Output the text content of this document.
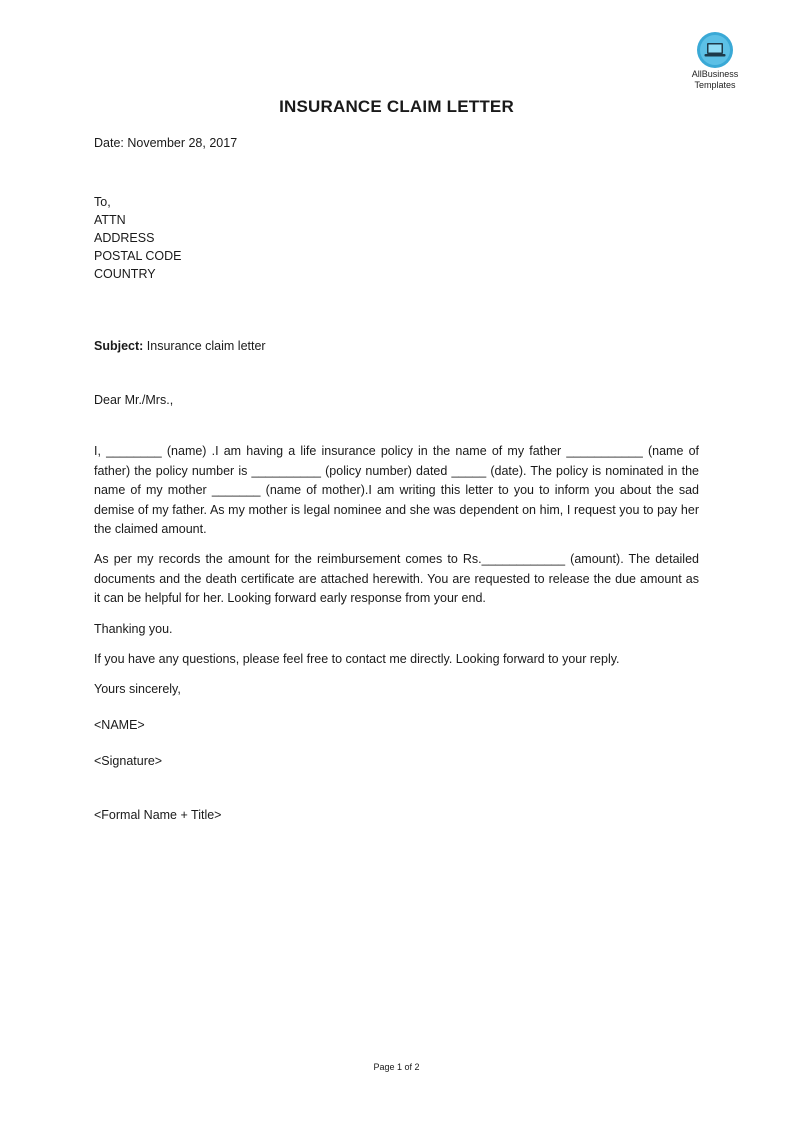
AllBusiness
Templates
INSURANCE CLAIM LETTER
Date: November 28, 2017
To,
ATTN
ADDRESS
POSTAL CODE
COUNTRY
Subject: Insurance claim letter
Dear Mr./Mrs.,
I, ________ (name) .I am having a life insurance policy in the name of my father ___________ (name of father) the policy number is __________ (policy number) dated _____ (date). The policy is nominated in the name of my mother _______ (name of mother).I am writing this letter to you to inform you about the sad demise of my father. As my mother is legal nominee and she was dependent on him, I request you to pay her the claimed amount.
As per my records the amount for the reimbursement comes to Rs.____________ (amount). The detailed documents and the death certificate are attached herewith. You are requested to release the due amount as it can be helpful for her. Looking forward early response from your end.
Thanking you.
If you have any questions, please feel free to contact me directly. Looking forward to your reply.
Yours sincerely,
<NAME>
<Signature>
<Formal Name + Title>
Page 1 of 2
